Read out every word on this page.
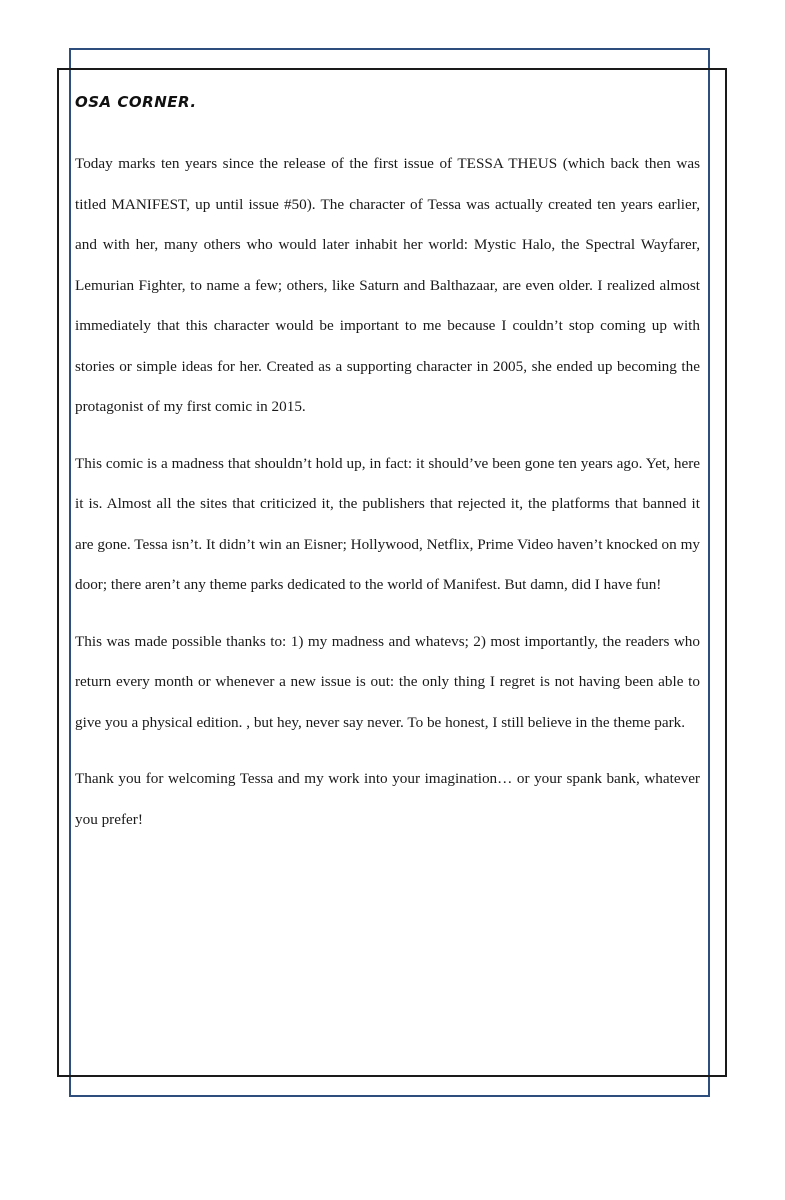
OSA CORNER.

Today marks ten years since the release of the first issue of TESSA THEUS (which back then was titled MANIFEST, up until issue #50). The character of Tessa was actually created ten years earlier, and with her, many others who would later inhabit her world: Mystic Halo, the Spectral Wayfarer, Lemurian Fighter, to name a few; others, like Saturn and Balthazaar, are even older. I realized almost immediately that this character would be important to me because I couldn’t stop coming up with stories or simple ideas for her. Created as a supporting character in 2005, she ended up becoming the protagonist of my first comic in 2015.

This comic is a madness that shouldn’t hold up, in fact: it should’ve been gone ten years ago. Yet, here it is. Almost all the sites that criticized it, the publishers that rejected it, the platforms that banned it are gone. Tessa isn’t. It didn’t win an Eisner; Hollywood, Netflix, Prime Video haven’t knocked on my door; there aren’t any theme parks dedicated to the world of Manifest. But damn, did I have fun!

This was made possible thanks to: 1) my madness and whatevs; 2) most importantly, the readers who return every month or whenever a new issue is out: the only thing I regret is not having been able to give you a physical edition. , but hey, never say never. To be honest, I still believe in the theme park.

Thank you for welcoming Tessa and my work into your imagination… or your spank bank, whatever you prefer!
